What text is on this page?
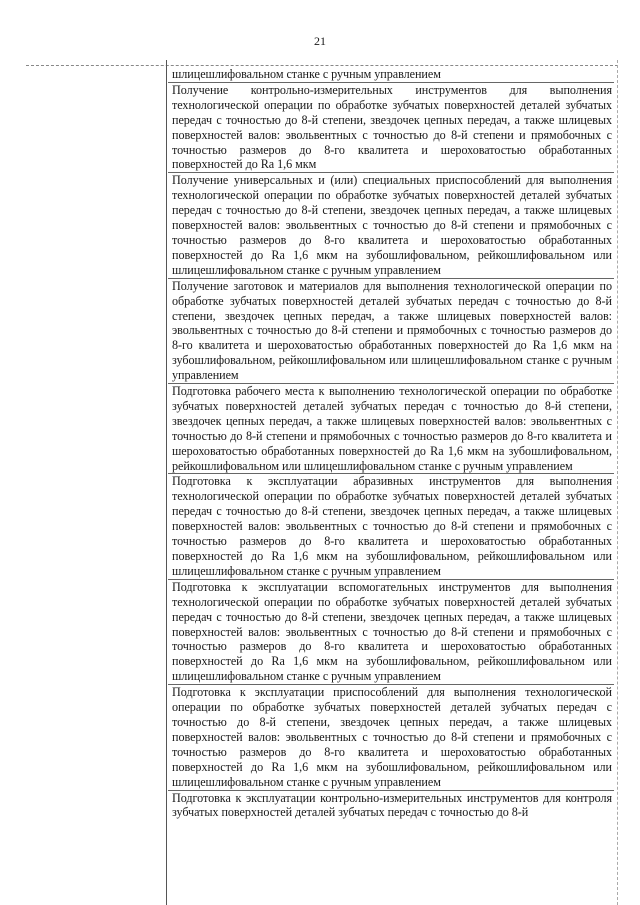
21
шлицешлифовальном станке с ручным управлением
Получение контрольно-измерительных инструментов для выполнения технологической операции по обработке зубчатых поверхностей деталей зубчатых передач с точностью до 8-й степени, звездочек цепных передач, а также шлицевых поверхностей валов: эвольвентных с точностью до 8-й степени и прямобочных с точностью размеров до 8-го квалитета и шероховатостью обработанных поверхностей до Ra 1,6 мкм
Получение универсальных и (или) специальных приспособлений для выполнения технологической операции по обработке зубчатых поверхностей деталей зубчатых передач с точностью до 8-й степени, звездочек цепных передач, а также шлицевых поверхностей валов: эвольвентных с точностью до 8-й степени и прямобочных с точностью размеров до 8-го квалитета и шероховатостью обработанных поверхностей до Ra 1,6 мкм на зубошлифовальном, рейкошлифовальном или шлицешлифовальном станке с ручным управлением
Получение заготовок и материалов для выполнения технологической операции по обработке зубчатых поверхностей деталей зубчатых передач с точностью до 8-й степени, звездочек цепных передач, а также шлицевых поверхностей валов: эвольвентных с точностью до 8-й степени и прямобочных с точностью размеров до 8-го квалитета и шероховатостью обработанных поверхностей до Ra 1,6 мкм на зубошлифовальном, рейкошлифовальном или шлицешлифовальном станке с ручным управлением
Подготовка рабочего места к выполнению технологической операции по обработке зубчатых поверхностей деталей зубчатых передач с точностью до 8-й степени, звездочек цепных передач, а также шлицевых поверхностей валов: эвольвентных с точностью до 8-й степени и прямобочных с точностью размеров до 8-го квалитета и шероховатостью обработанных поверхностей до Ra 1,6 мкм на зубошлифовальном, рейкошлифовальном или шлицешлифовальном станке с ручным управлением
Подготовка к эксплуатации абразивных инструментов для выполнения технологической операции по обработке зубчатых поверхностей деталей зубчатых передач с точностью до 8-й степени, звездочек цепных передач, а также шлицевых поверхностей валов: эвольвентных с точностью до 8-й степени и прямобочных с точностью размеров до 8-го квалитета и шероховатостью обработанных поверхностей до Ra 1,6 мкм на зубошлифовальном, рейкошлифовальном или шлицешлифовальном станке с ручным управлением
Подготовка к эксплуатации вспомогательных инструментов для выполнения технологической операции по обработке зубчатых поверхностей деталей зубчатых передач с точностью до 8-й степени, звездочек цепных передач, а также шлицевых поверхностей валов: эвольвентных с точностью до 8-й степени и прямобочных с точностью размеров до 8-го квалитета и шероховатостью обработанных поверхностей до Ra 1,6 мкм на зубошлифовальном, рейкошлифовальном или шлицешлифовальном станке с ручным управлением
Подготовка к эксплуатации приспособлений для выполнения технологической операции по обработке зубчатых поверхностей деталей зубчатых передач с точностью до 8-й степени, звездочек цепных передач, а также шлицевых поверхностей валов: эвольвентных с точностью до 8-й степени и прямобочных с точностью размеров до 8-го квалитета и шероховатостью обработанных поверхностей до Ra 1,6 мкм на зубошлифовальном, рейкошлифовальном или шлицешлифовальном станке с ручным управлением
Подготовка к эксплуатации контрольно-измерительных инструментов для контроля зубчатых поверхностей деталей зубчатых передач с точностью до 8-й
